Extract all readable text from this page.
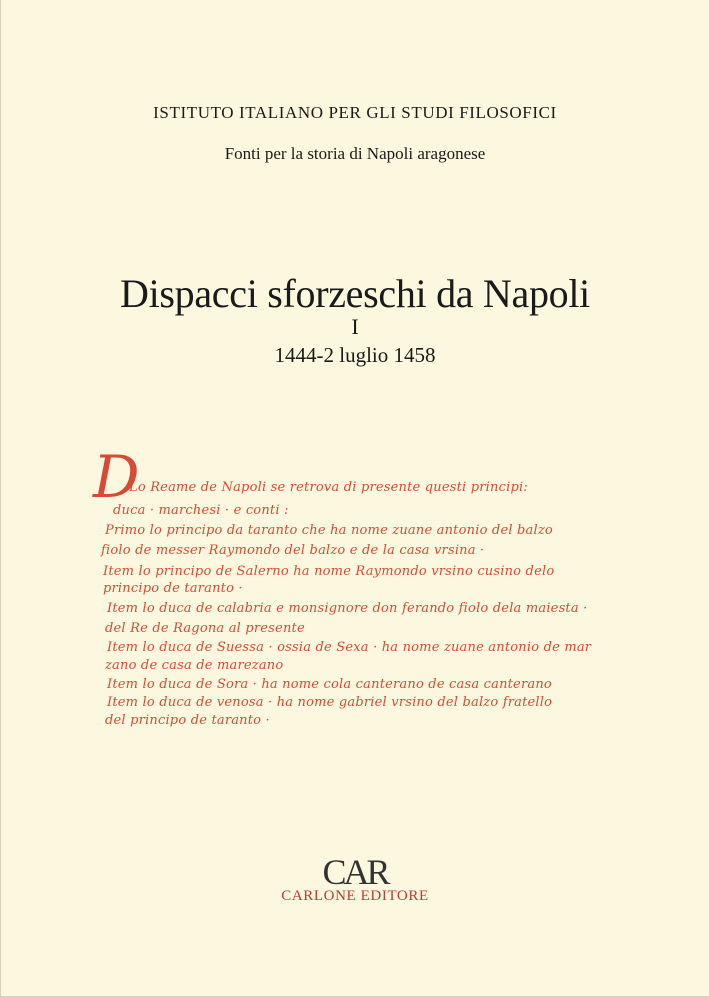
ISTITUTO ITALIANO PER GLI STUDI FILOSOFICI
Fonti per la storia di Napoli aragonese
Dispacci sforzeschi da Napoli
I
1444-2 luglio 1458
D
Lo Reame de Napoli se retrova di presente questi principi:
duca · marchesi · e conti :
Primo lo principo da taranto che ha nome zuane antonio del balzo
fiolo de messer Raymondo del balzo e de la casa vrsina ·
Item lo principo de Salerno ha nome Raymondo vrsino cusino delo
principo de taranto ·
Item lo duca de calabria e monsignore don ferando fiolo dela maiesta ·
del Re de Ragona al presente
Item lo duca de Suessa · ossia de Sexa · ha nome zuane antonio de mar
zano de casa de marezano
Item lo duca de Sora · ha nome cola canterano de casa canterano
Item lo duca de venosa · ha nome gabriel vrsino del balzo fratello
del principo de taranto ·
CAR
CARLONE EDITORE
